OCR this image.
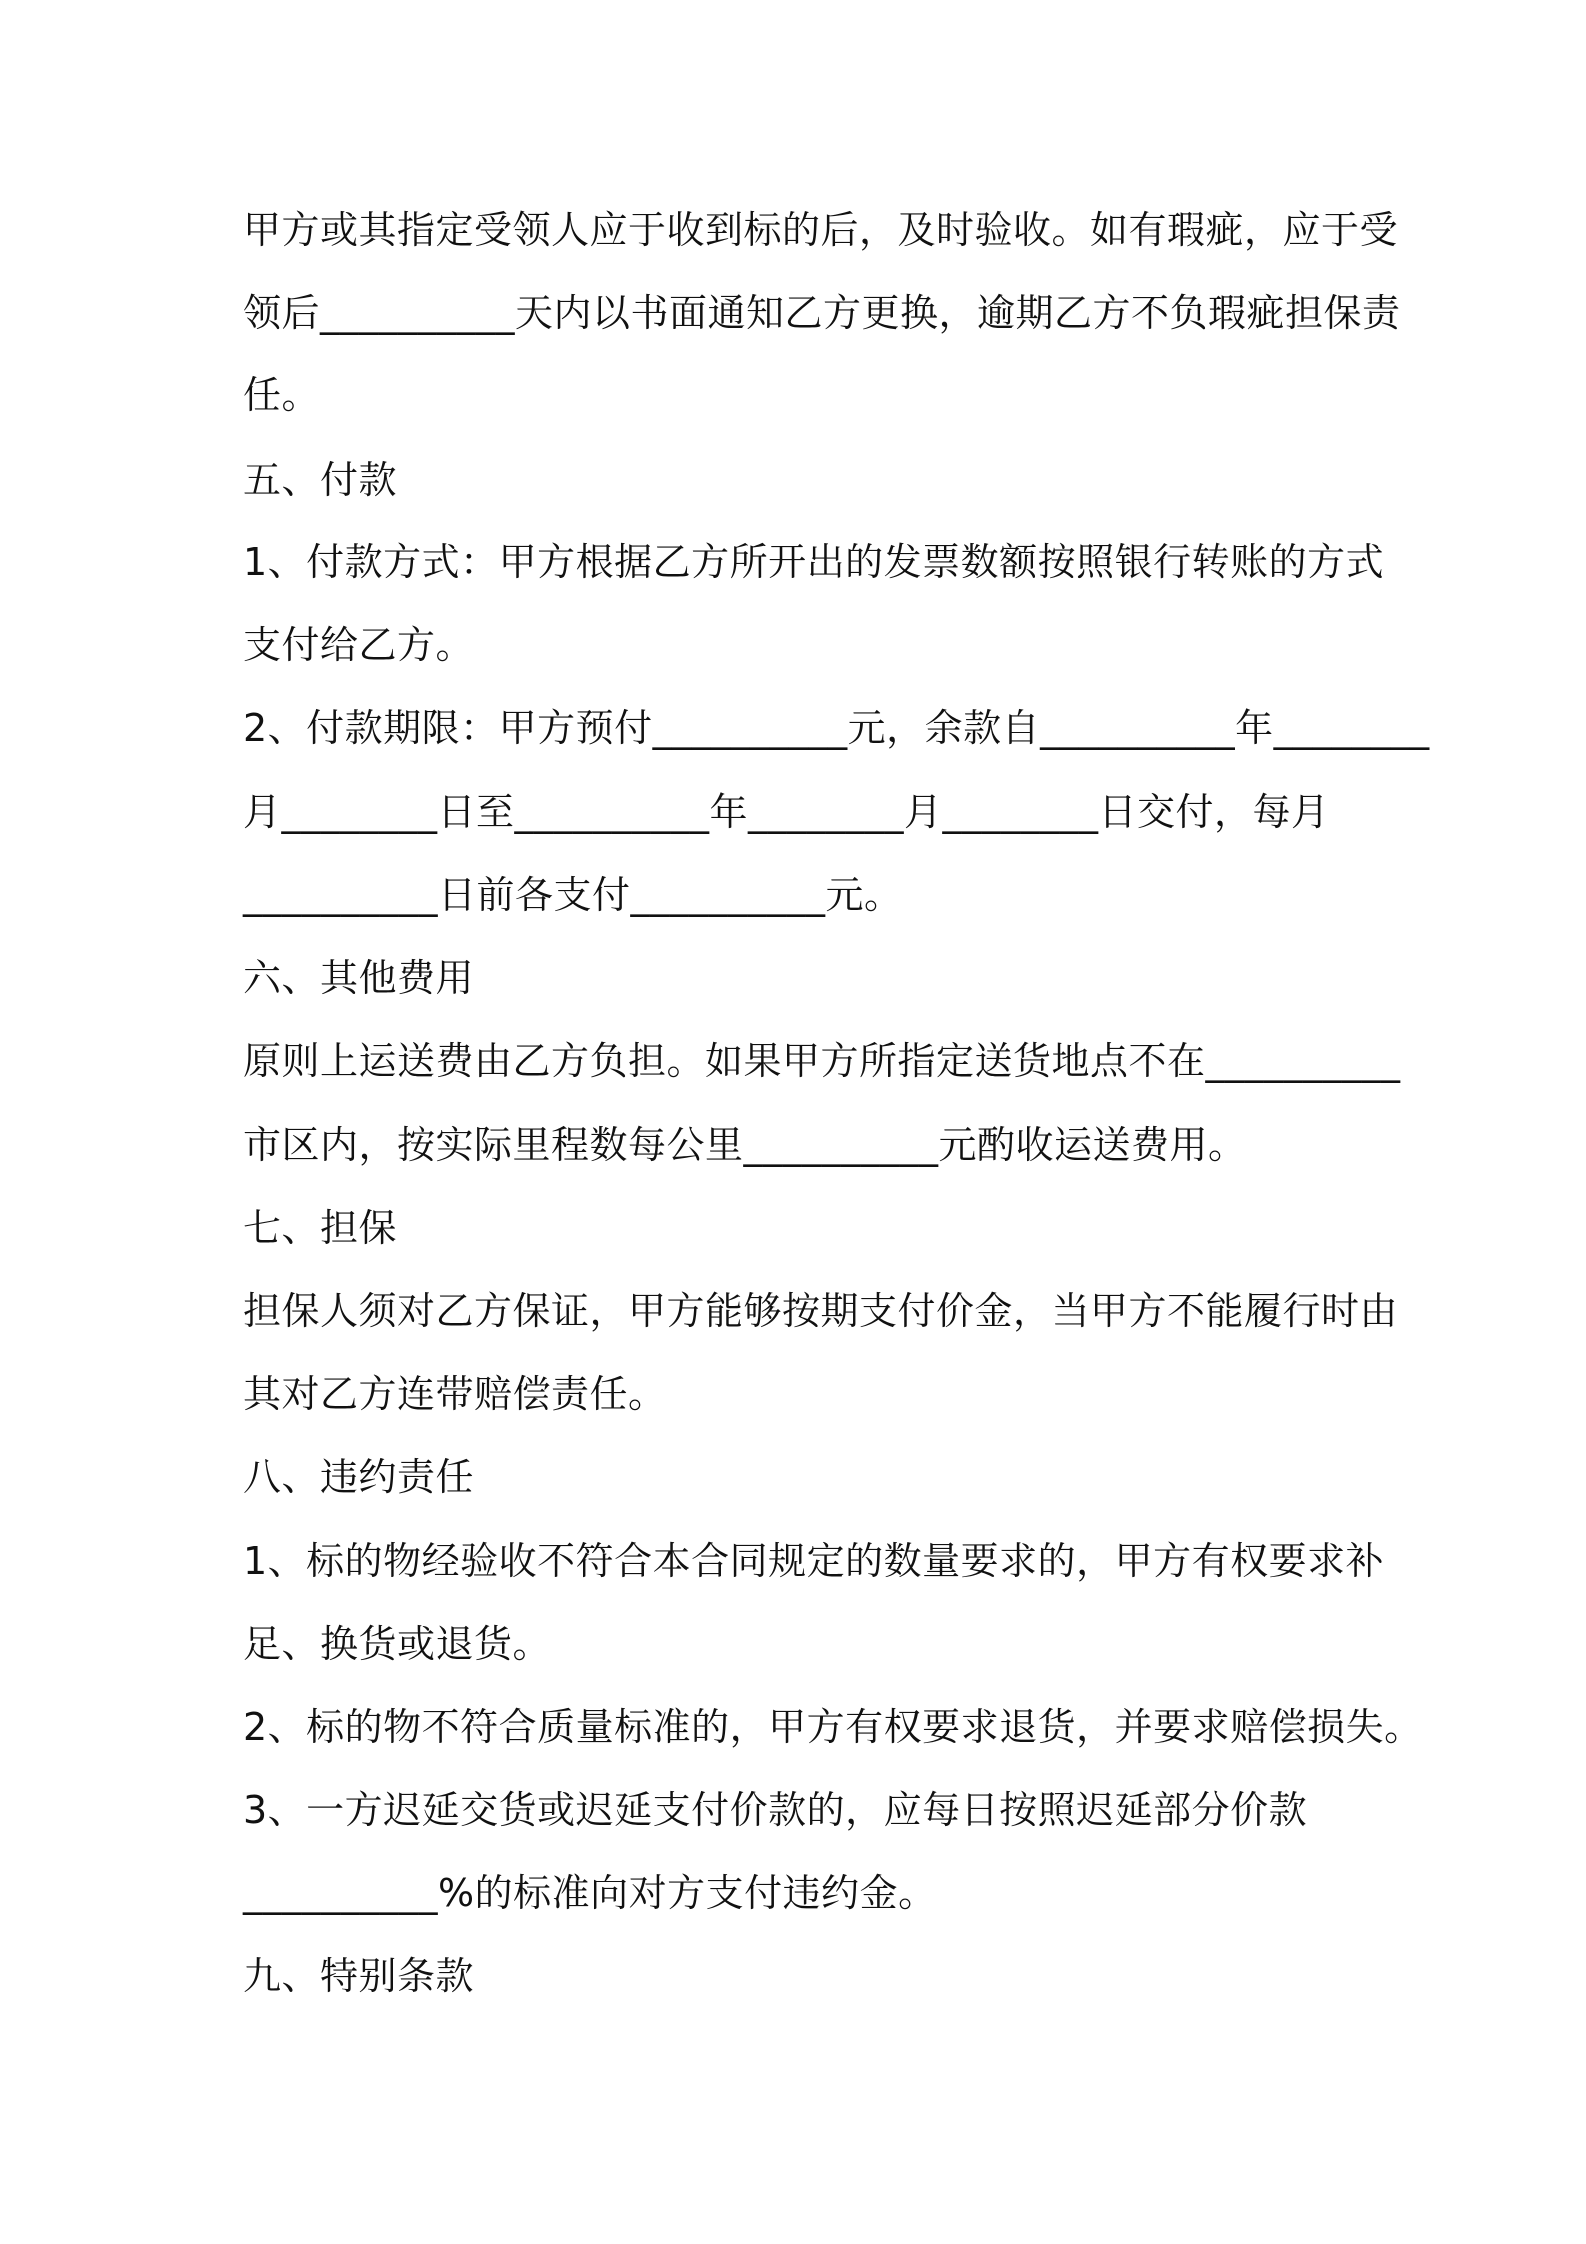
甲方或其指定受领人应于收到标的后，及时验收。如有瑕疵，应于受
领后__________天内以书面通知乙方更换，逾期乙方不负瑕疵担保责
任。
五、付款
1、付款方式：甲方根据乙方所开出的发票数额按照银行转账的方式
支付给乙方。
2、付款期限：甲方预付__________元，余款自__________年________
月________日至__________年________月________日交付，每月
__________日前各支付__________元。
六、其他费用
原则上运送费由乙方负担。如果甲方所指定送货地点不在__________
市区内，按实际里程数每公里__________元酌收运送费用。
七、担保
担保人须对乙方保证，甲方能够按期支付价金，当甲方不能履行时由
其对乙方连带赔偿责任。
八、违约责任
1、标的物经验收不符合本合同规定的数量要求的，甲方有权要求补
足、换货或退货。
2、标的物不符合质量标准的，甲方有权要求退货，并要求赔偿损失。
3、一方迟延交货或迟延支付价款的，应每日按照迟延部分价款
__________%的标准向对方支付违约金。
九、特别条款
